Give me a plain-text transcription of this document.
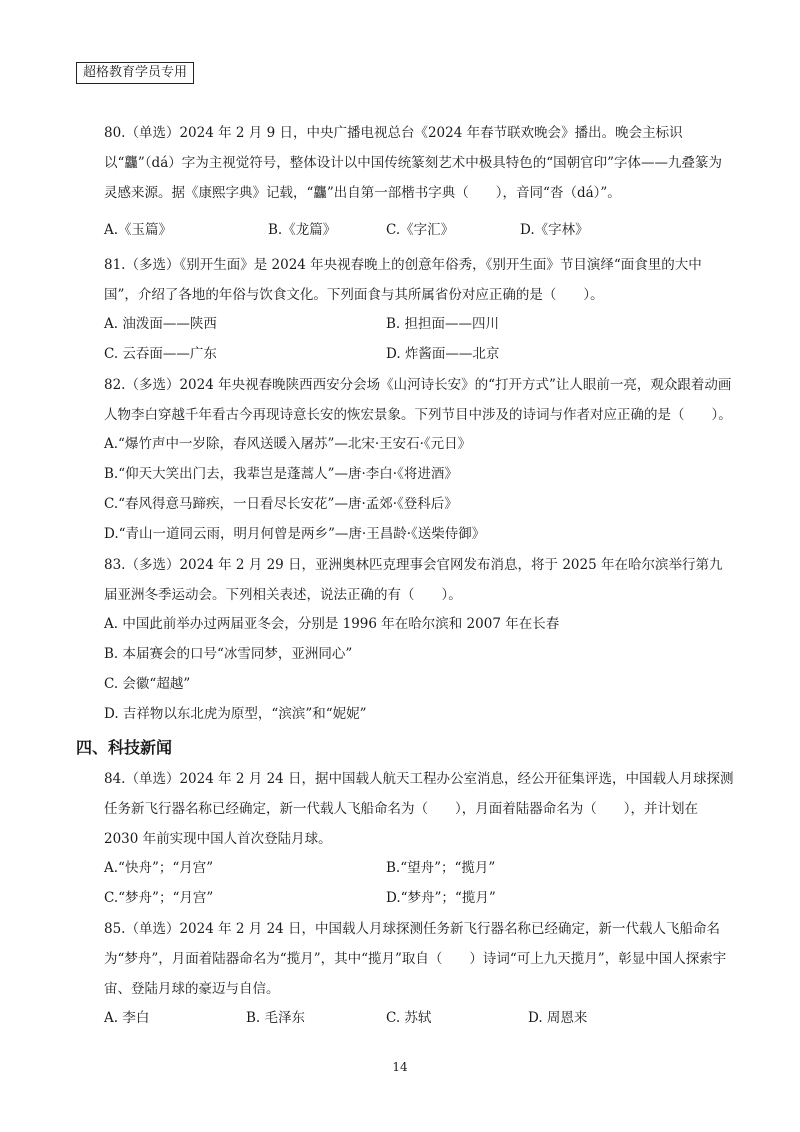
超格教育学员专用
80.（单选）2024 年 2 月 9 日，中央广播电视总台《2024 年春节联欢晚会》播出。晚会主标识以“龘”（dá）字为主视觉符号，整体设计以中国传统篆刻艺术中极具特色的“国朝官印”字体——九叠篆为灵感来源。据《康熙字典》记载，“龘”出自第一部楷书字典（　　），音同“沓（dá）”。
A.《玉篇》	B.《龙篇》	C.《字汇》	D.《字林》
81.（多选）《别开生面》是 2024 年央视春晚上的创意年俗秀，《别开生面》节目演绎“面食里的大中国”，介绍了各地的年俗与饮食文化。下列面食与其所属省份对应正确的是（　　）。
A. 油泼面——陕西	B. 担担面——四川
C. 云吞面——广东	D. 炸酱面——北京
82.（多选）2024 年央视春晚陕西西安分会场《山河诗长安》的“打开方式”让人眼前一亮，观众跟着动画人物李白穿越千年看古今再现诗意长安的恢宏景象。下列节目中涉及的诗词与作者对应正确的是（　　）。
A.“爆竹声中一岁除，春风送暖入屠苏”—北宋·王安石·《元日》
B.“仰天大笑出门去，我辈岂是蓬蒿人”—唐·李白·《将进酒》
C.“春风得意马蹄疾，一日看尽长安花”—唐·孟郊·《登科后》
D.“青山一道同云雨，明月何曾是两乡”—唐·王昌龄·《送柴侍御》
83.（多选）2024 年 2 月 29 日，亚洲奥林匹克理事会官网发布消息，将于 2025 年在哈尔滨举行第九届亚洲冬季运动会。下列相关表述，说法正确的有（　　）。
A. 中国此前举办过两届亚冬会，分别是 1996 年在哈尔滨和 2007 年在长春
B. 本届赛会的口号“冰雪同梦，亚洲同心”
C. 会徽“超越”
D. 吉祥物以东北虎为原型，“滨滨”和“妮妮”
四、科技新闻
84.（单选）2024 年 2 月 24 日，据中国载人航天工程办公室消息，经公开征集评选，中国载人月球探测任务新飞行器名称已经确定，新一代载人飞船命名为（　　），月面着陆器命名为（　　），并计划在 2030 年前实现中国人首次登陆月球。
A.“快舟”；“月宫”	B.“望舟”；“揽月”
C.“梦舟”；“月宫”	D.“梦舟”；“揽月”
85.（单选）2024 年 2 月 24 日，中国载人月球探测任务新飞行器名称已经确定，新一代载人飞船命名为“梦舟”，月面着陆器命名为“揽月”，其中“揽月”取自（　　）诗词“可上九天揽月”，彰显中国人探索宇宙、登陆月球的豪迈与自信。
A. 李白	B. 毛泽东	C. 苏轼	D. 周恩来
14
